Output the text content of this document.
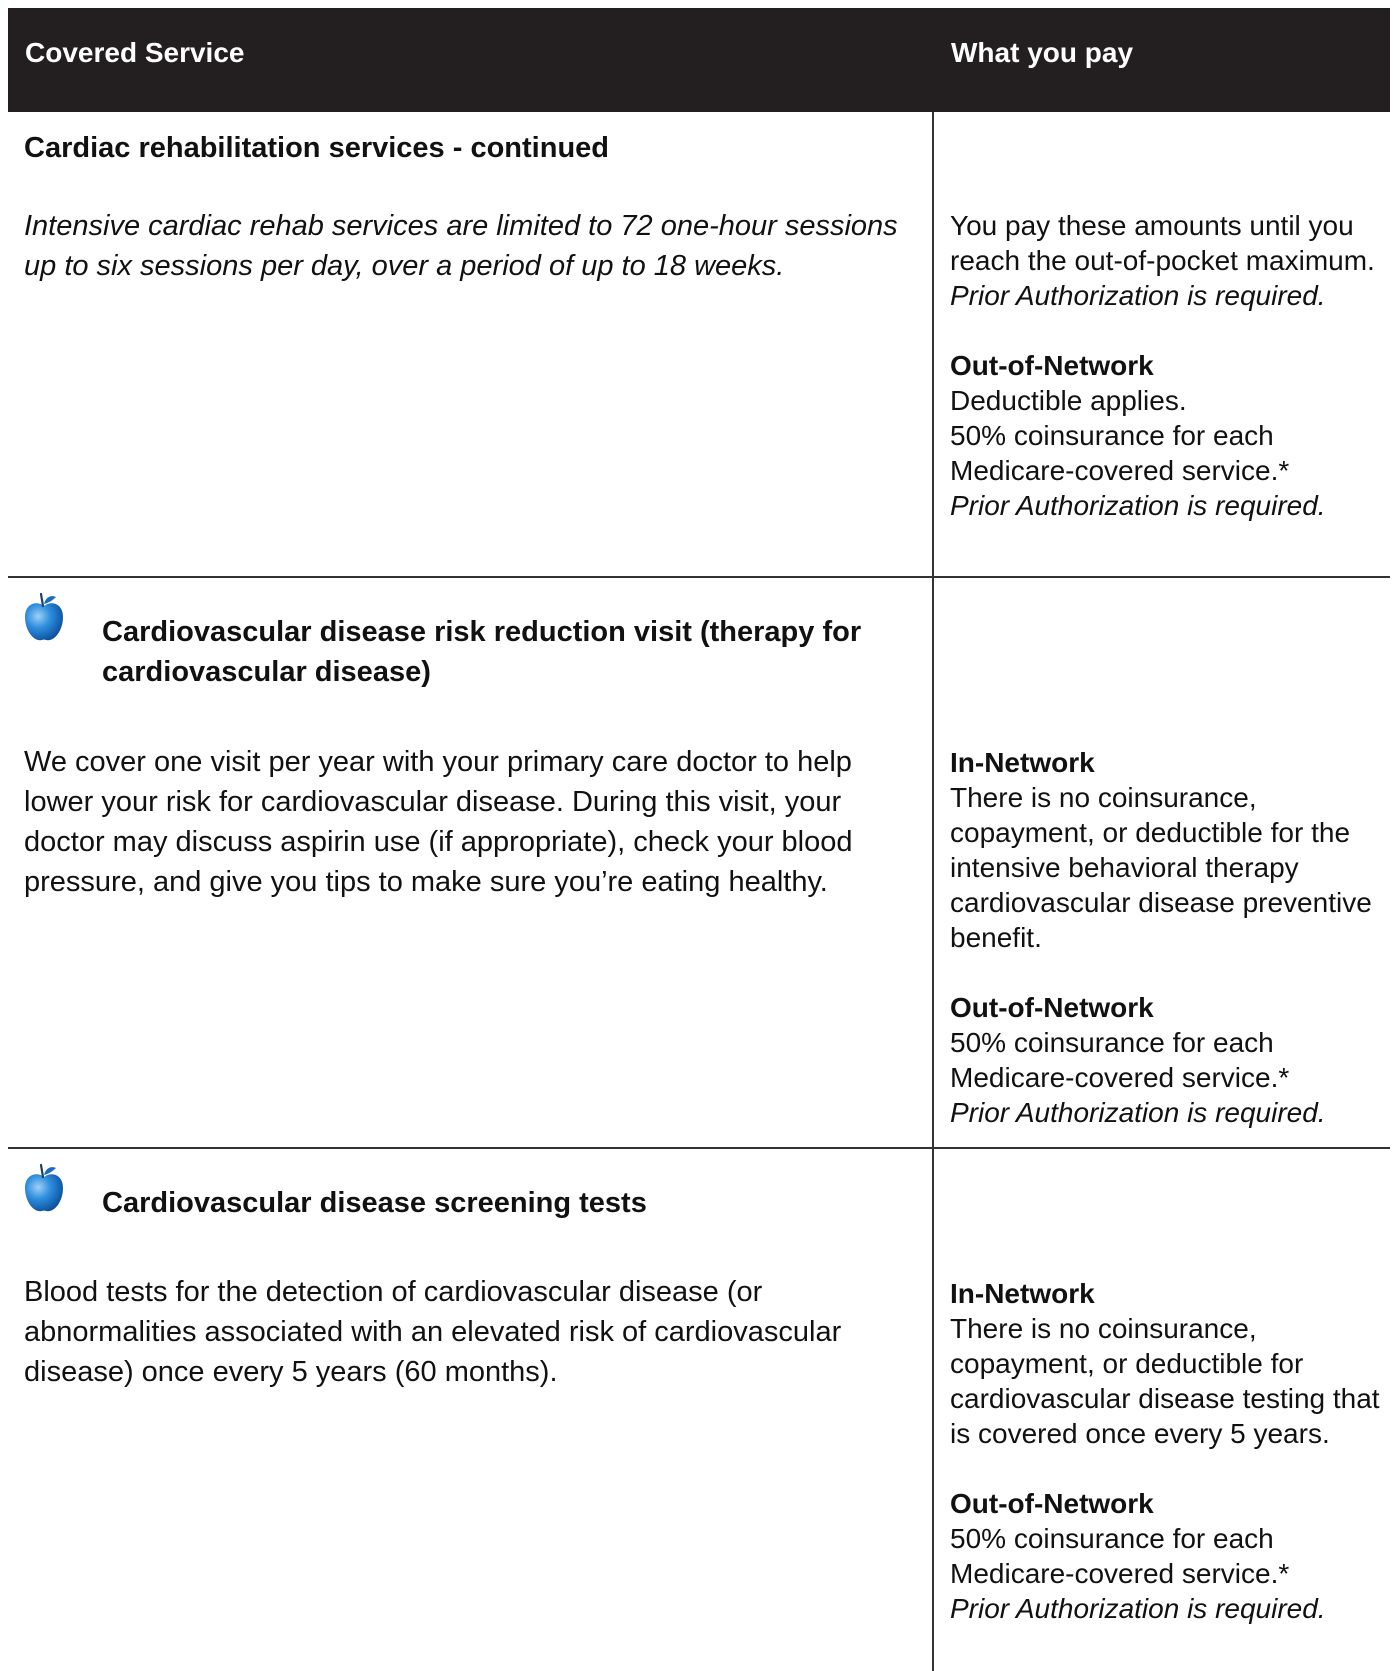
Covered Service	What you pay
Cardiac rehabilitation services - continued
Intensive cardiac rehab services are limited to 72 one-hour sessions up to six sessions per day, over a period of up to 18 weeks.
You pay these amounts until you reach the out-of-pocket maximum.
Prior Authorization is required.
Out-of-Network
Deductible applies.
50% coinsurance for each Medicare-covered service.*
Prior Authorization is required.
Cardiovascular disease risk reduction visit (therapy for cardiovascular disease)
We cover one visit per year with your primary care doctor to help lower your risk for cardiovascular disease. During this visit, your doctor may discuss aspirin use (if appropriate), check your blood pressure, and give you tips to make sure you’re eating healthy.
In-Network
There is no coinsurance, copayment, or deductible for the intensive behavioral therapy cardiovascular disease preventive benefit.
Out-of-Network
50% coinsurance for each Medicare-covered service.*
Prior Authorization is required.
Cardiovascular disease screening tests
Blood tests for the detection of cardiovascular disease (or abnormalities associated with an elevated risk of cardiovascular disease) once every 5 years (60 months).
In-Network
There is no coinsurance, copayment, or deductible for cardiovascular disease testing that is covered once every 5 years.
Out-of-Network
50% coinsurance for each Medicare-covered service.*
Prior Authorization is required.
